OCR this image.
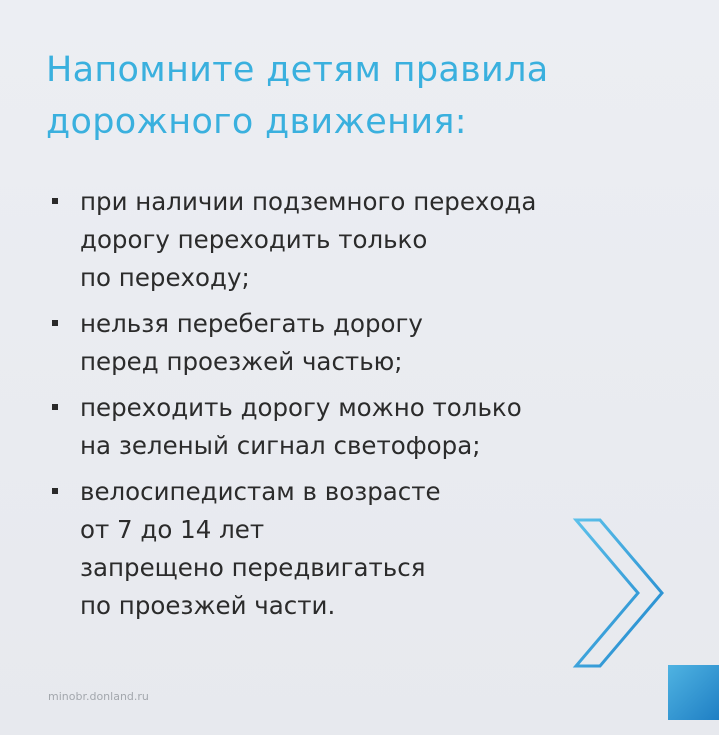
Напомните детям правила
дорожного движения:
при наличии подземного перехода
дорогу переходить только
по переходу;
нельзя перебегать дорогу
перед проезжей частью;
переходить дорогу можно только
на зеленый сигнал светофора;
велосипедистам в возрасте
от 7 до 14 лет
запрещено передвигаться
по проезжей части.
minobr.donland.ru
